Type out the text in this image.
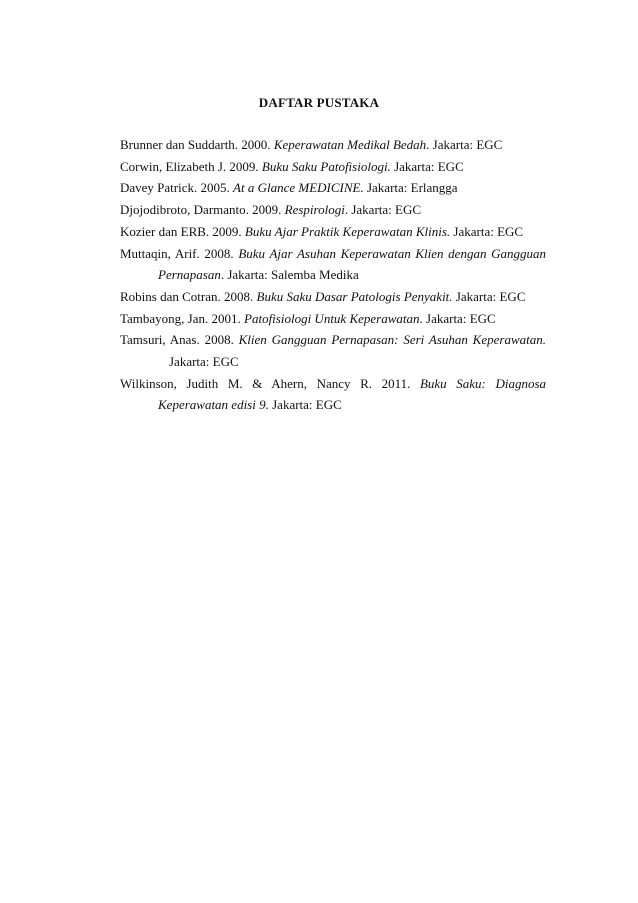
DAFTAR PUSTAKA

Brunner dan Suddarth. 2000. Keperawatan Medikal Bedah. Jakarta: EGC

Corwin, Elizabeth J. 2009. Buku Saku Patofisiologi. Jakarta: EGC

Davey Patrick. 2005. At a Glance MEDICINE. Jakarta: Erlangga

Djojodibroto, Darmanto. 2009. Respirologi. Jakarta: EGC

Kozier dan ERB. 2009. Buku Ajar Praktik Keperawatan Klinis. Jakarta: EGC

Muttaqin, Arif. 2008. Buku Ajar Asuhan Keperawatan Klien dengan Gangguan Pernapasan. Jakarta: Salemba Medika

Robins dan Cotran. 2008. Buku Saku Dasar Patologis Penyakit. Jakarta: EGC

Tambayong, Jan. 2001. Patofisiologi Untuk Keperawatan. Jakarta: EGC

Tamsuri, Anas. 2008. Klien Gangguan Pernapasan: Seri Asuhan Keperawatan. Jakarta: EGC

Wilkinson, Judith M. & Ahern, Nancy R. 2011. Buku Saku: Diagnosa Keperawatan edisi 9. Jakarta: EGC
